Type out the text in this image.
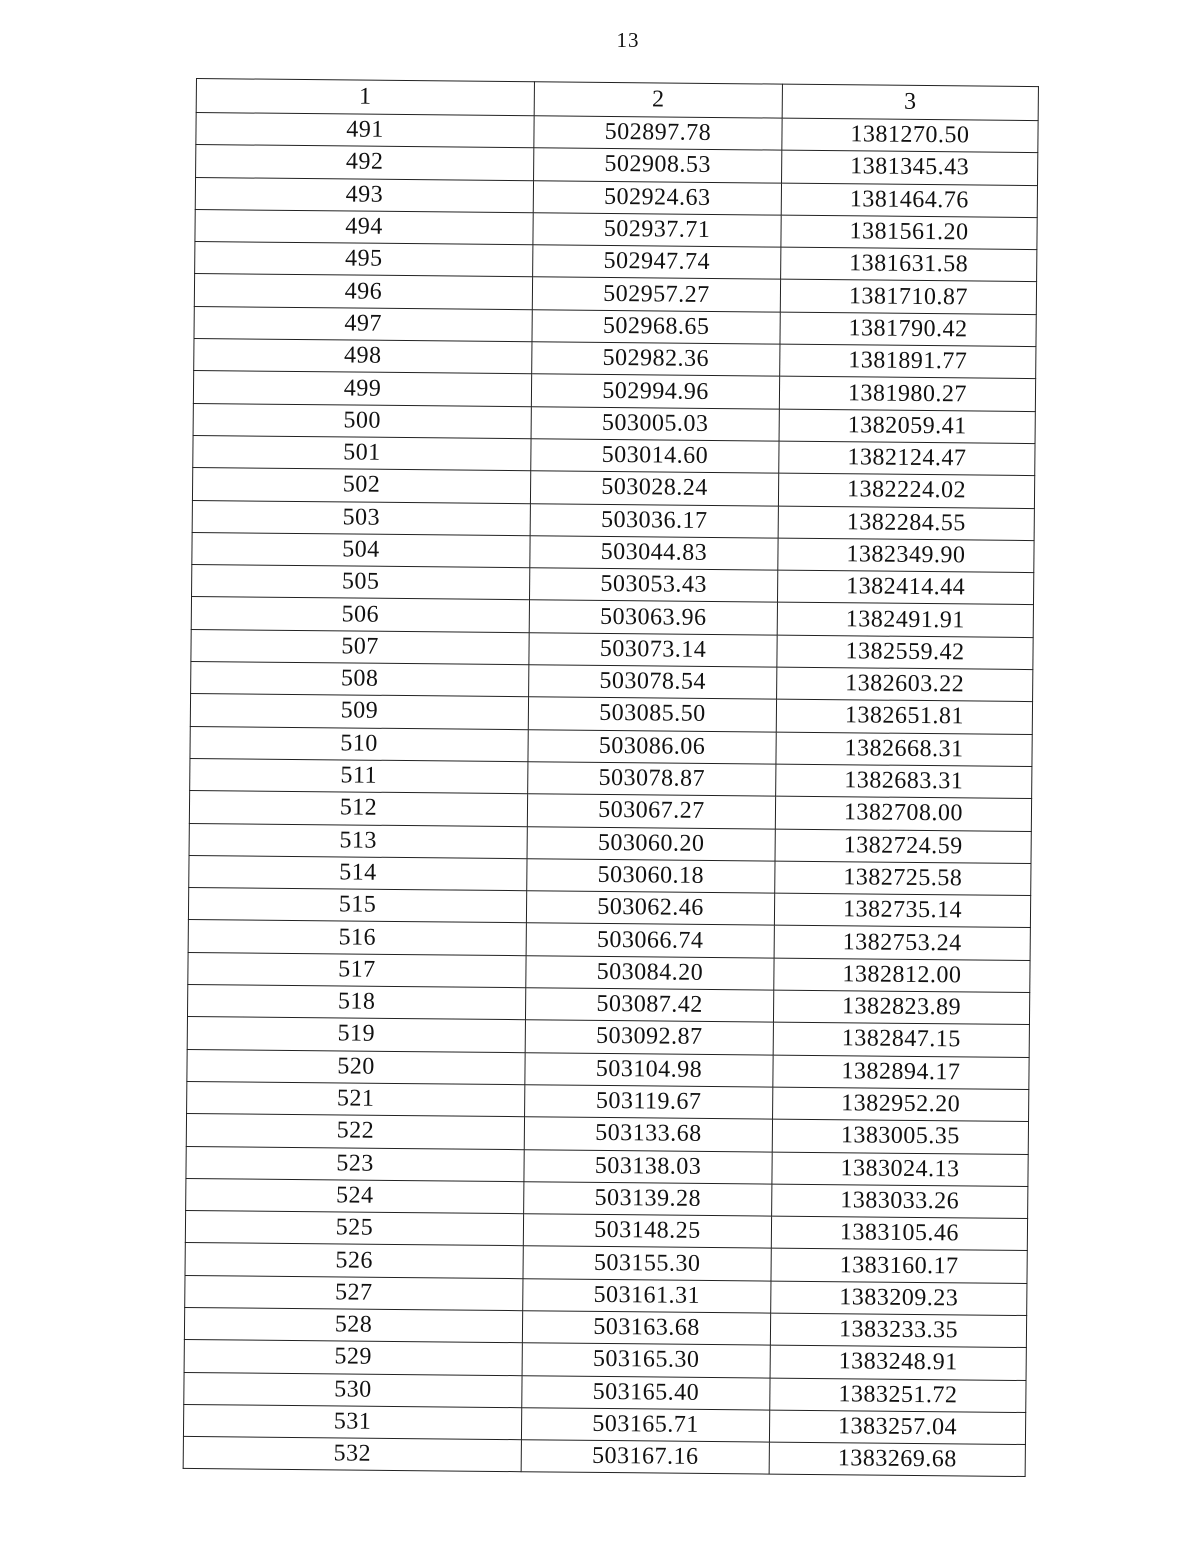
13
1	2	3
491	502897.78	1381270.50
492	502908.53	1381345.43
493	502924.63	1381464.76
494	502937.71	1381561.20
495	502947.74	1381631.58
496	502957.27	1381710.87
497	502968.65	1381790.42
498	502982.36	1381891.77
499	502994.96	1381980.27
500	503005.03	1382059.41
501	503014.60	1382124.47
502	503028.24	1382224.02
503	503036.17	1382284.55
504	503044.83	1382349.90
505	503053.43	1382414.44
506	503063.96	1382491.91
507	503073.14	1382559.42
508	503078.54	1382603.22
509	503085.50	1382651.81
510	503086.06	1382668.31
511	503078.87	1382683.31
512	503067.27	1382708.00
513	503060.20	1382724.59
514	503060.18	1382725.58
515	503062.46	1382735.14
516	503066.74	1382753.24
517	503084.20	1382812.00
518	503087.42	1382823.89
519	503092.87	1382847.15
520	503104.98	1382894.17
521	503119.67	1382952.20
522	503133.68	1383005.35
523	503138.03	1383024.13
524	503139.28	1383033.26
525	503148.25	1383105.46
526	503155.30	1383160.17
527	503161.31	1383209.23
528	503163.68	1383233.35
529	503165.30	1383248.91
530	503165.40	1383251.72
531	503165.71	1383257.04
532	503167.16	1383269.68
